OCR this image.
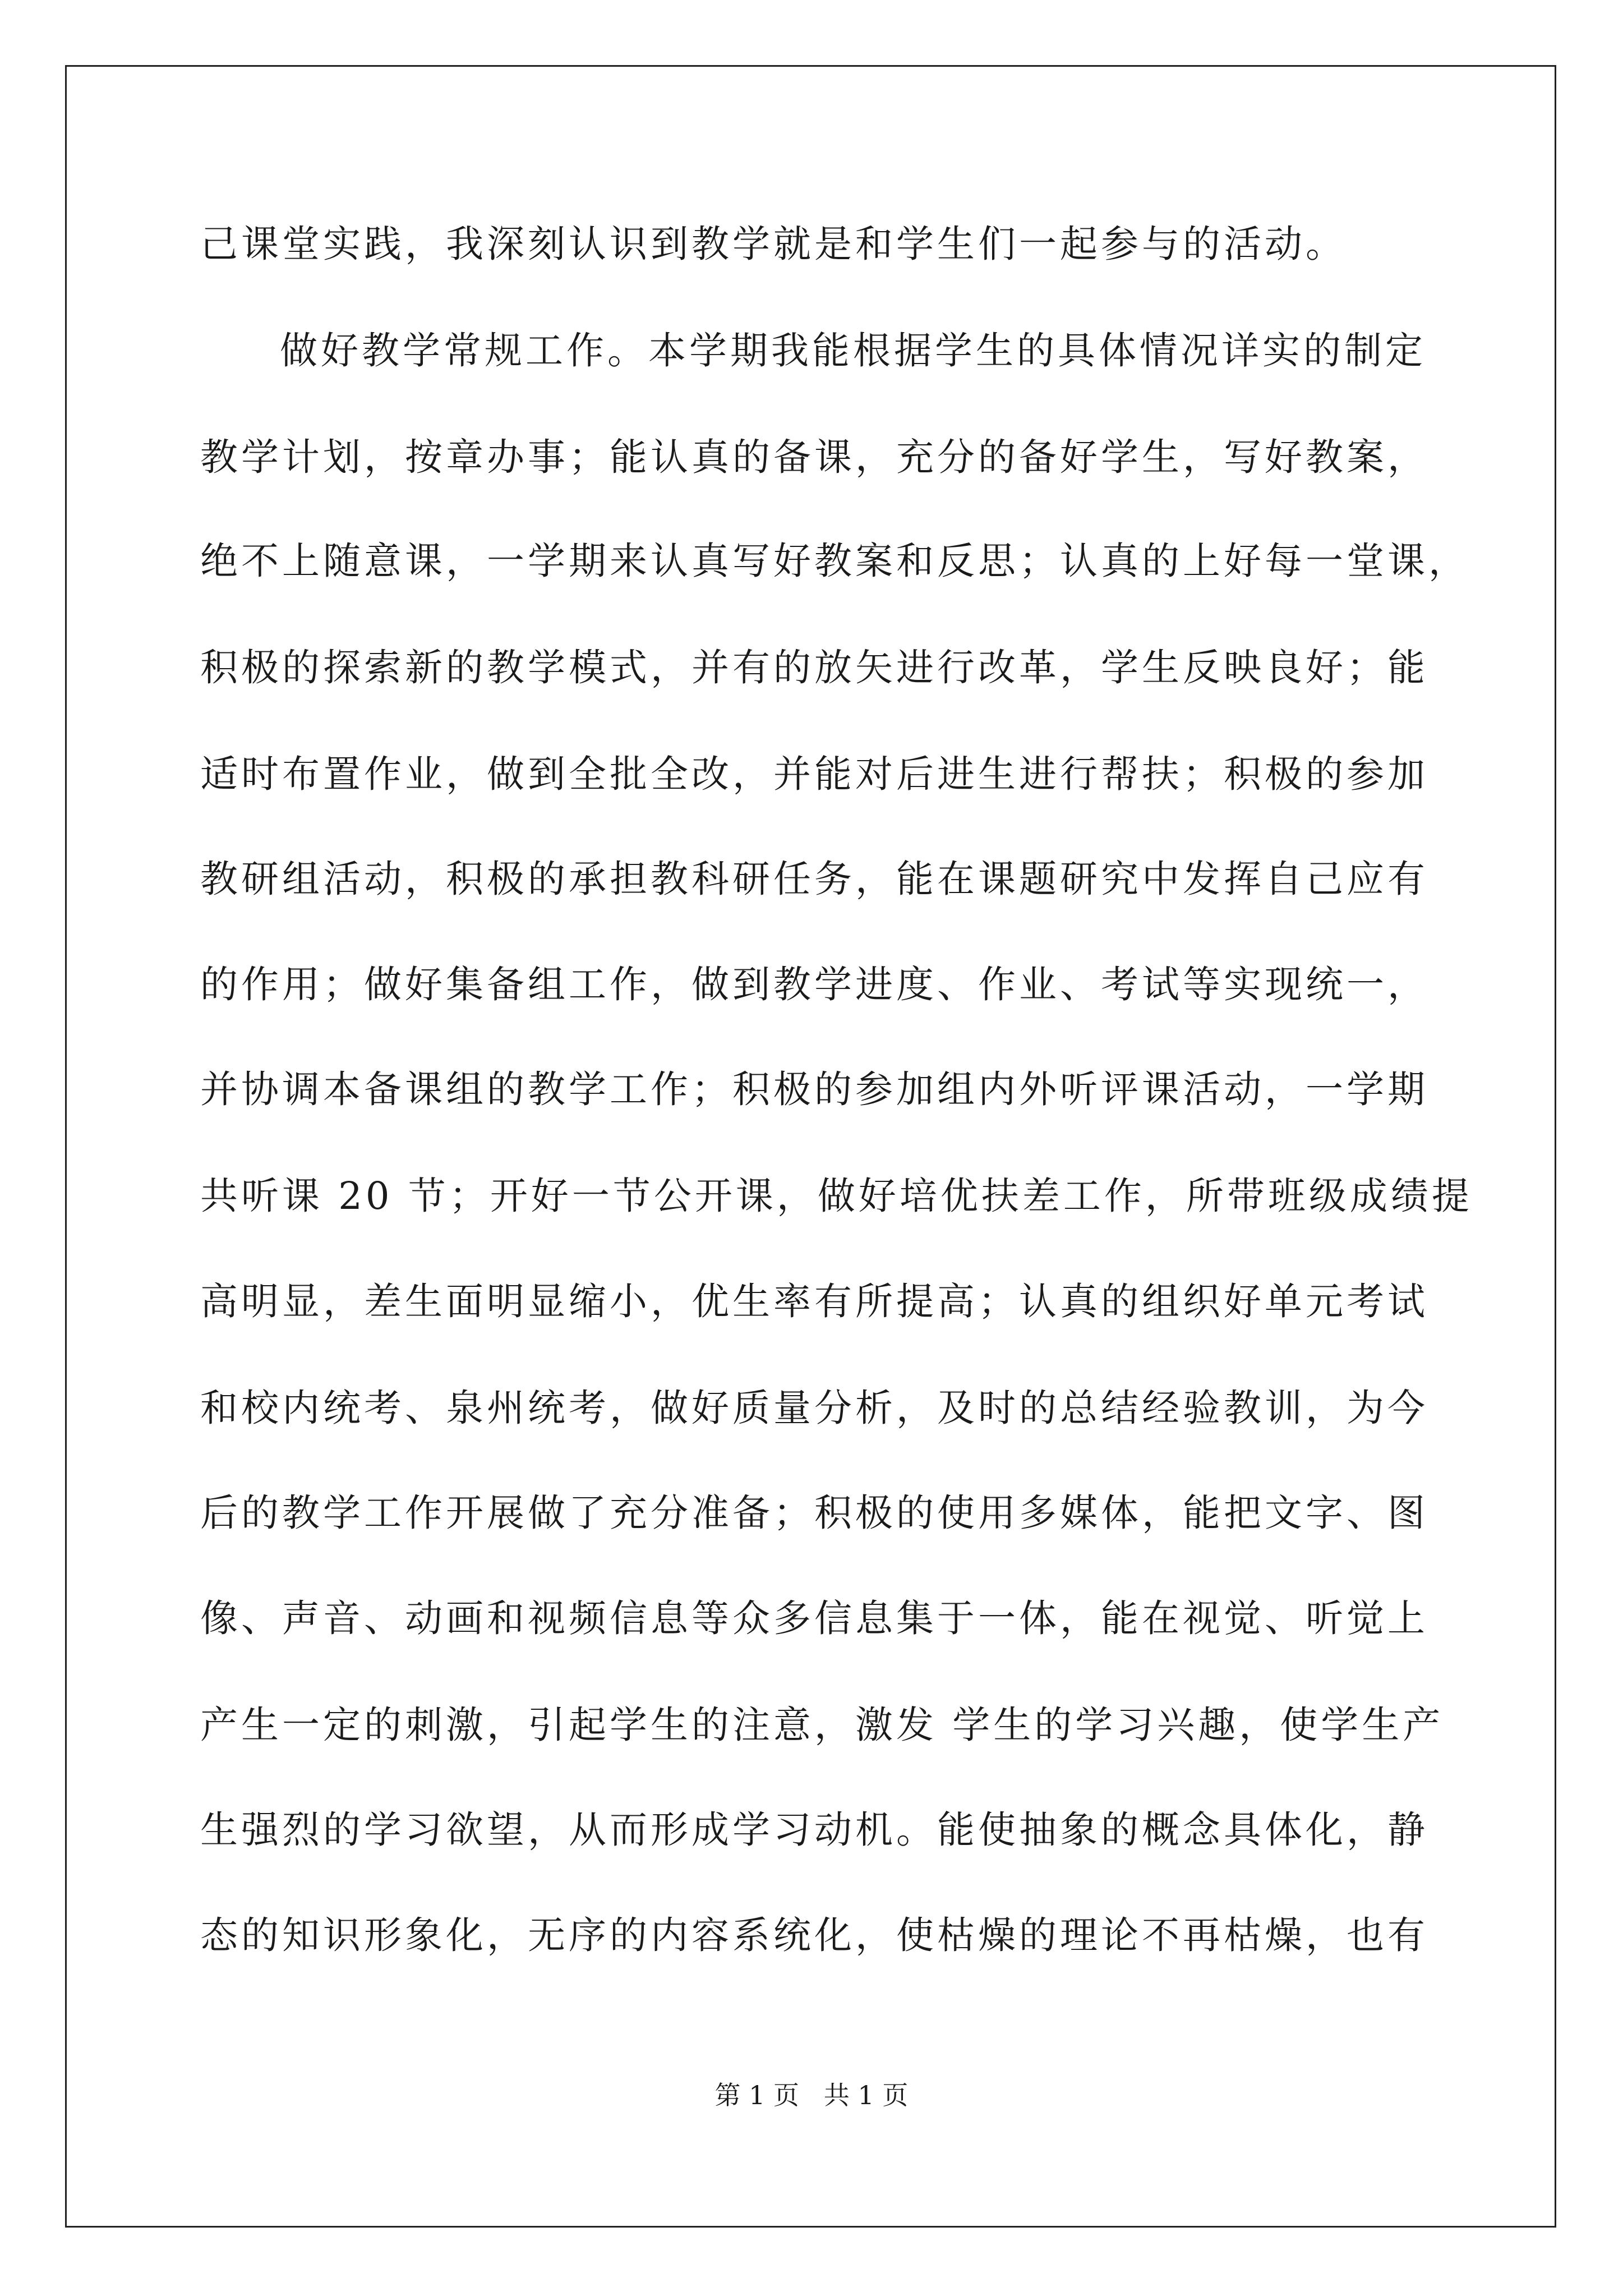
己课堂实践，我深刻认识到教学就是和学生们一起参与的活动。
做好教学常规工作。本学期我能根据学生的具体情况详实的制定
教学计划，按章办事；能认真的备课，充分的备好学生，写好教案，
绝不上随意课，一学期来认真写好教案和反思；认真的上好每一堂课，
积极的探索新的教学模式，并有的放矢进行改革，学生反映良好；能
适时布置作业，做到全批全改，并能对后进生进行帮扶；积极的参加
教研组活动，积极的承担教科研任务，能在课题研究中发挥自己应有
的作用；做好集备组工作，做到教学进度、作业、考试等实现统一，
并协调本备课组的教学工作；积极的参加组内外听评课活动，一学期
共听课 20 节；开好一节公开课，做好培优扶差工作，所带班级成绩提
高明显，差生面明显缩小，优生率有所提高；认真的组织好单元考试
和校内统考、泉州统考，做好质量分析，及时的总结经验教训，为今
后的教学工作开展做了充分准备；积极的使用多媒体，能把文字、图
像、声音、动画和视频信息等众多信息集于一体，能在视觉、听觉上
产生一定的刺激，引起学生的注意，激发 学生的学习兴趣，使学生产
生强烈的学习欲望，从而形成学习动机。能使抽象的概念具体化，静
态的知识形象化，无序的内容系统化，使枯燥的理论不再枯燥，也有
第 1 页   共 1 页
